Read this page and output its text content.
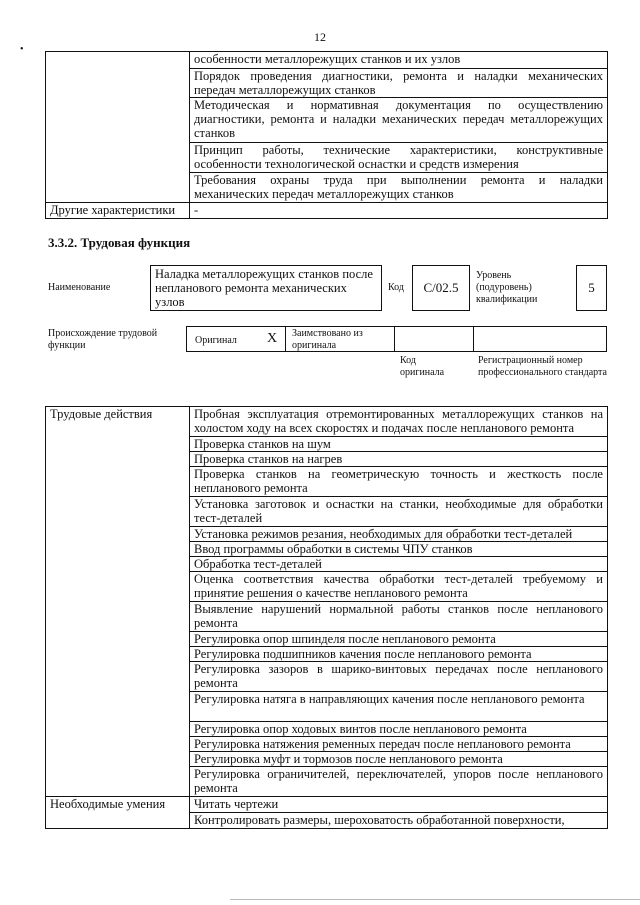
12
•
	особенности металлорежущих станков и их узлов
	Порядок проведения диагностики, ремонта и наладки механических передач металлорежущих станков
	Методическая и нормативная документация по осуществлению диагностики, ремонта и наладки механических передач металлорежущих станков
	Принцип работы, технические характеристики, конструктивные особенности технологической оснастки и средств измерения
	Требования охраны труда при выполнении ремонта и наладки механических передач металлорежущих станков
Другие характеристики	-
3.3.2. Трудовая функция
Наименование
Наладка металлорежущих станков после непланового ремонта механических узлов
Код	С/02.5
Уровень (подуровень) квалификации
5
Происхождение трудовой функции	Оригинал X Заимствовано из оригинала
Код оригинала
Регистрационный номер профессионального стандарта
Трудовые действия	Пробная эксплуатация отремонтированных металлорежущих станков на холостом ходу на всех скоростях и подачах после непланового ремонта
	Проверка станков на шум
	Проверка станков на нагрев
	Проверка станков на геометрическую точность и жесткость после непланового ремонта
	Установка заготовок и оснастки на станки, необходимые для обработки тест-деталей
	Установка режимов резания, необходимых для обработки тест-деталей
	Ввод программы обработки в системы ЧПУ станков
	Обработка тест-деталей
	Оценка соответствия качества обработки тест-деталей требуемому и принятие решения о качестве непланового ремонта
	Выявление нарушений нормальной работы станков после непланового ремонта
	Регулировка опор шпинделя после непланового ремонта
	Регулировка подшипников качения после непланового ремонта
	Регулировка зазоров в шарико-винтовых передачах после непланового ремонта
	Регулировка натяга в направляющих качения после непланового ремонта
	Регулировка опор ходовых винтов после непланового ремонта
	Регулировка натяжения ременных передач после непланового ремонта
	Регулировка муфт и тормозов после непланового ремонта
	Регулировка ограничителей, переключателей, упоров после непланового ремонта
Необходимые умения	Читать чертежи
	Контролировать размеры, шероховатость обработанной поверхности,
